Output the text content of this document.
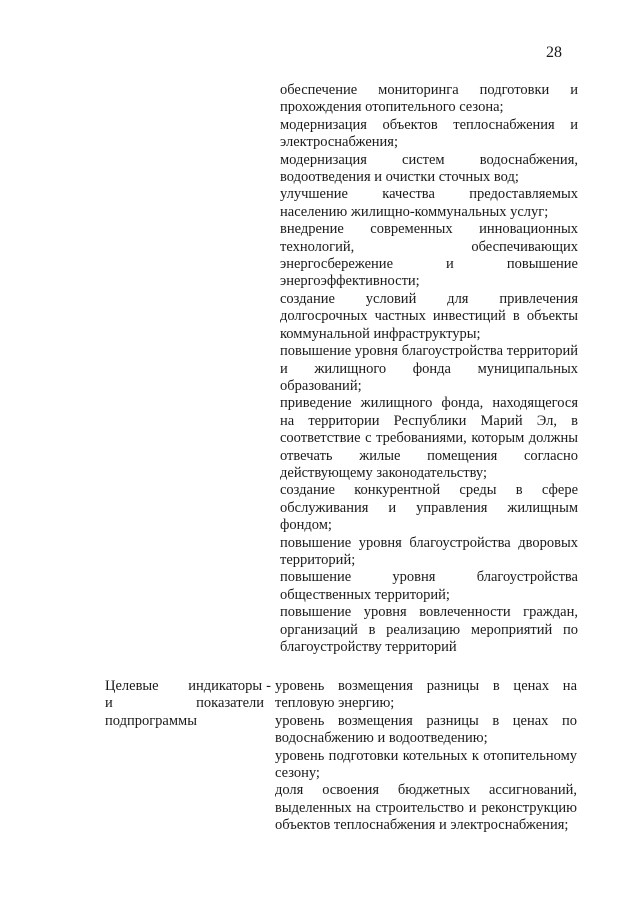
28
обеспечение мониторинга подготовки и прохождения отопительного сезона;
модернизация объектов теплоснабжения и электроснабжения;
модернизация систем водоснабжения, водоотведения и очистки сточных вод;
улучшение качества предоставляемых населению жилищно-коммунальных услуг;
внедрение современных инновационных технологий, обеспечивающих энергосбережение и повышение энергоэффективности;
создание условий для привлечения долгосрочных частных инвестиций в объекты коммунальной инфраструктуры;
повышение уровня благоустройства территорий и жилищного фонда муниципальных образований;
приведение жилищного фонда, находящегося на территории Республики Марий Эл, в соответствие с требованиями, которым должны отвечать жилые помещения согласно действующему законодательству;
создание конкурентной среды в сфере обслуживания и управления жилищным фондом;
повышение уровня благоустройства дворовых территорий;
повышение уровня благоустройства общественных территорий;
повышение уровня вовлеченности граждан, организаций в реализацию мероприятий по благоустройству территорий
Целевые индикаторы -
и	показатели
подпрограммы
уровень возмещения разницы в ценах на тепловую энергию;
уровень возмещения разницы в ценах по водоснабжению и водоотведению;
уровень подготовки котельных к отопительному сезону;
доля освоения бюджетных ассигнований, выделенных на строительство и реконструкцию объектов теплоснабжения и электроснабжения;
